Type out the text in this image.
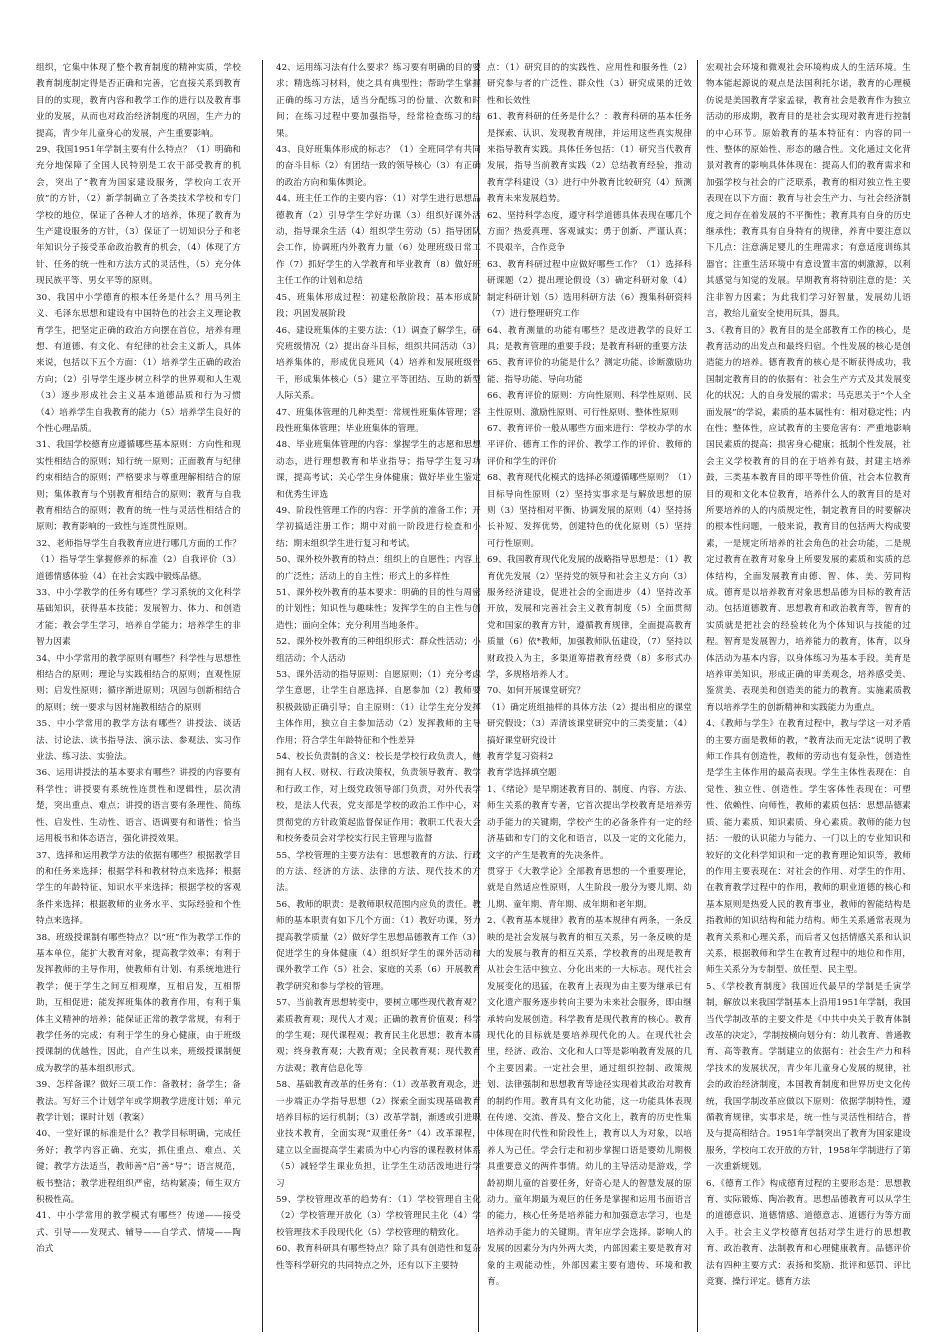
组织，它集中体现了整个教育制度的精神实质，学校教育制度制定得是否正确和完善，它直接关系到教育目的的实现，教育内容和教学工作的进行以及教育事业的发展，从而也对政治经济制度的巩固，生产力的提高，青少年儿童身心的发展，产生重要影响。

29、我国1951年学制主要有什么特点？（1）明确和充分地保障了全国人民特别是工农干部受教育的机会，突出了“教育为国家建设服务，学校向工农开放”的方针，（2）新学制确立了各类技术学校和专门学校的地位，保证了各种人才的培养，体现了教育为生产建设服务的方针，（3）保证了一切知识分子和老年知识分子接受革命政治教育的机会，（4）体现了方针、任务的统一性和方法方式的灵活性，（5）充分体现民族平等、男女平等的原则。

30、我国中小学德育的根本任务是什么？用马列主义、毛泽东思想和建设有中国特色的社会主义理论教育学生，把坚定正确的政治方向摆在首位，培养有理想、有道德、有文化、有纪律的社会主义新人，具体来说，包括以下五个方面：（1）培养学生正确的政治方向；（2）引导学生逐步树立科学的世界观和人生观（3）逐步形成社会主义基本道德品质和行为习惯（4）培养学生自我教育的能力（5）培养学生良好的个性心理品质。

31、我国学校德育应遵循哪些基本原则：方向性和现实性相结合的原则；知行统一原则；正面教育与纪律约束相结合的原则；严格要求与尊重理解相结合的原则；集体教育与个别教育相结合的原则；教育与自我教育相结合的原则；教育的统一性与灵活性相结合的原则；教育影响的一致性与连贯性原则。

32、老师指导学生自我教育应进行哪几方面的工作？（1）指导学生掌握修养的标准（2）自我评价（3）道德情感体验（4）在社会实践中锻炼品德。

33、中小学教学的任务有哪些？学习系统的文化科学基础知识，获得基本技能；发展智力、体力、和创造才能；教会学生学习，培养自学能力；培养学生的非智力因素

34、中小学常用的教学原则有哪些？科学性与思想性相结合的原则；理论与实践相结合的原则；直观性原则；启发性原则；循序渐进原则；巩固与创新相结合的原则；统一要求与因材施教相结合的原则

35、中小学常用的教学方法有哪些？讲授法、谈话法、讨论法、读书指导法、演示法、参观法、实习作业法、练习法、实验法。

36、运用讲授法的基本要求有哪些？讲授的内容要有科学性；讲授要有系统性连贯性和逻辑性，层次清楚，突出重点、难点；讲授的语言要有条理性、简练性、启发性、生动性、语言、语调要有和谐性；恰当运用板书和体态语言，强化讲授效果。

37、选择和运用教学方法的依据有哪些？根据教学目的和任务来选择；根据学科和教材特点来选择；根据学生的年龄特征、知识水平来选择；根据学校的客观条件来选择；根据教师的业务水平、实际经验和个性特点来选择。

38、班级授课制有哪些特点？以“班”作为教学工作的基本单位，能扩大教育对象，提高教学效率；有利于发挥教师的主导作用，使教师有计划、有系统地进行教学；便于学生之间互相观摩，互相启发，互相帮助，互相促进；能发挥班集体的教育作用，有利于集体主义精神的培养；能保证正常的教学常规，有利于教学任务的完成；有利于学生的身心健康，由于班级授课制的优越性，因此，自产生以来，班级授课制便成为教学的基本组织形式。

39、怎样备课？做好三项工作：备教材；备学生；备教法。写好三个计划学年或学期教学进度计划；单元教学计划；课时计划（教案）

40、一堂好课的标准是什么？教学目标明确，完成任务好；教学内容正确、充实，抓住重点、难点、关键；教学方法适当，教师善“启”善“导”；语言规范，板书整洁；教学进程组织严密，结构紧凑；师生双方积极性高。

41、中小学常用的教学模式有哪些？传递——接受式、引导——发现式、辅导——自学式、情境——陶冶式

42、运用练习法有什么要求？练习要有明确的目的要求；精选练习材料，使之具有典型性；帮助学生掌握正确的练习方法，适当分配练习的份量、次数和时间；在练习过程中要加强指导，经常检查练习的结果。

43、良好班集体形成的标志？（1）全班同学有共同的奋斗目标（2）有团结一致的领导核心（3）有正确的政治方向和集体舆论。

44、班主任工作的主要内容：（1）对学生进行思想品德教育（2）引导学生学好功课（3）组织好课外活动，指导课余生活（4）组织学生劳动（5）指导团队会工作，协调班内外教育力量（6）处理班级日常工作（7）抓好学生的入学教育和毕业教育（8）做好班主任工作的计划和总结

45、班集体形成过程：初建松散阶段；基本形成阶段；巩固发展阶段

46、建设班集体的主要方法：（1）调查了解学生，研究班级情况（2）提出奋斗目标，组织共同活动（3）培养集体的，形成优良班风（4）培养和发展班级骨干，形成集体核心（5）建立平等团结、互助的新型人际关系。

47、班集体管理的几种类型：常规性班集体管理；容段性班集体管理；毕业班集体的管理。

48、毕业班集体管理的内容：掌握学生的志愿和思想动态，进行理想教育和毕业指导；指导学生复习功课，提高考试；关心学生身体健康；做好毕业生鉴定和优秀生评选

49、阶段性管理工作的内容：开学前的准备工作；开学初搞适注册工作；期中对前一阶段进行检查和小结；期末组织学生进行复习和考试。

50、课外校外教育的特点：组织上的自愿性；内容上的广泛性；活动上的自主性；形式上的多样性

51、课外校外教育的基本要求：明确的目的性与周密的计划性；知识性与趣味性；发挥学生的自主性与创造性；面向全体；充分利用当地条件。

52、课外校外教育的三种组织形式：群众性活动；小组活动；个人活动

53、课外活动的指导原则：自愿原则；（1）充分考虑学生意愿，让学生自愿选择、自愿参加（2）教师要积极鼓励正确引导；自主原则：（1）让学生充分发挥主体作用，独立自主参加活动（2）发挥教师的主导作用；符合学生年龄特征和个性差异

54、校长负责制的含义：校长是学校行政负责人，他拥有人权、财权、行政决策权，负责领导教育、教学和行政工作，对上级党政领导部门负责，对外代表学校，是法人代表，党支部是学校的政治工作中心，对贯彻党的方针政策起监督保证作用；教职工代表大会和校务委员会对学校实行民主管理与监督

55、学校管理的主要方法有：思想教育的方法、行政的方法、经济的方法、法律的方法、现代技术的方法。

56、教师的职责：是教师职权范围内应负的责任。教师的基本职责有如下几个方面：（1）教好功课，努力提高教学质量（2）做好学生思想品德教育工作（3）促进学生的身体健康（4）组织好学生的课外活动和课外教学工作（5）社会、家庭的关系（6）开展教育教学研究和参与学校的管理。

57、当前教育思想转变中，要树立哪些现代教育观？素质教育观；现代人才观；正确的教育价值观；科学的学生观；现代课程观；教育民主化思想；教育本质观；终身教育观；大教育观；全民教育观；现代教育方法观；教育信息化等

58、基础教育改革的任务有：（1）改革教育观念，进一步端正办学指导思想（2）探索全面实现基础教育培养目标的运行机制；（3）改革学制，渐透或引进职业技术教育，全面实现“双重任务”（4）改革课程，建立以全面提高学生素质为中心内容的课程教材体系（5）减轻学生课业负担，让学生生动活泼地进行学习

59、学校管理改革的趋势有：（1）学校管理自主化（2）学校管理开放化（3）学校管理民主化（4）学校管理技术手段现代化（5）学校管理的精致化。

60、教育科研具有哪些特点？除了具有创造性和复杂性等科学研究的共同特点之外，还有以下主要特

点：（1）研究目的的实践性、应用性和服务性（2）研究参与者的广泛性、群众性（3）研究成果的迁效性和长效性

61、教育科研的任务是什么？：教育科研的基本任务是探索、认识、发现教育规律，并运用这些真实规律来指导教育实践。具体任务包括：（1）研究当代教育发展，指导当前教育实践（2）总结教育经验，推动教育学科建设（3）进行中外教育比较研究（4）预测教育未来发展趋势。

62、坚持科学态度，遵守科学道德具体表现在哪几个方面？热爱真理、客观诚实；勇于创新、严谨认真；不畏艰辛，合作竞争

63、教育科研过程中应做好哪些工作？（1）选择科研课题（2）提出理论假设（3）确定科研对象（4）制定科研计划（5）选用科研方法（6）搜集科研资料（7）进行整理研究工作

64、教育测量的功能有哪些？是改进教学的良好工具；是教育管理的重要手段；是教育科研的重要方法

65、教育评价的功能是什么？测定功能、诊断激励功能、指导功能、导向功能

66、教育评价的原则：方向性原则、科学性原则、民主性原则、激励性原则、可行性原则、整体性原则

67、教育评价一般从哪些方面来进行：学校办学的水平评价、德育工作的评价、教学工作的评价、教师的评价和学生的评价

68、教育现代化模式的选择必须遵循哪些原则？（1）目标导向性原则（2）坚持实事求是与解放思想的原则（3）坚持相对平衡、协调发展的原则（4）坚持扬长补短、发挥优势，创建特色的优化原则（5）坚持可行性原则。

69、我国教育现代化发展的战略指导思想是：（1）教育优先发展（2）坚持党的领导和社会主义方向（3）服务经济建设，促进社会的全面进步（4）坚持改革开放，发展和完善社会主义教育制度（5）全面贯彻党和国家的教育方针，遵循教育规律，全面提高教育质量（6）依*教师，加强教师队伍建设，（7）坚持以财政投入为主，多渠道筹措教育经费（8）多形式办学，多规格培养人才。

70、如何开展课堂研究？

（1）确定班组抽样的具体方法（2）提出相应的课堂研究假设；（3）弄清该课堂研究中的三类变量；（4）搞好课堂研究设计

教育学复习资料2

教育学选择填空题

1、《绪论》是早期述教育目的、制度、内容、方法、师生关系的教育专著，它首次提出学校教育是培养劳动手能力的关键期，学校产生的必备条件有一定的经济基础和专门的文化和语言，以及一定的文化能力，文字的产生是教育的先决条件。

贯穿于《大教学论》全部教育思想的一个重要理论，就是自然适应性原则，人生阶段一般分为婴儿期、幼儿期、童年期、青年期、成年期和老年期。

2、《教育基本规律》教育的基本规律有两条，一条反映的是社会发展与教育的相互关系，另一条反映的是大的发展与教育的相互关系，学校教育的出现是教育从社会生活中独立、分化出来的一大标志。现代社会发展变化的迅猛，在教育上表现为由主要为继承已有文化遗产服务逐步转向主要为未来社会服务，即由继承转向发展创造。科学教育是现代教育的核心。教育现代化的目标就是要培养现代化的人。在现代社会里，经济、政治、文化和人口等是影响教育发展的几个主要因素。一定社会里，通过组织控制、政策规划、法律强制和思想教育等途径实现着其政治对教育的制约作用。教育具有文化功能，这一功能具体表现在传递、交流、普及、整合文化上，教育的历史性集中体现在时代性和阶段性上，教育以人为对象，以培养人为己任。学会行走和初步掌握口语是婴幼儿期极具重要意义的两件事情。幼儿的主导活动是游戏，学龄初期儿童的首要任务，好奇心是人的智慧发展的原动力。童年期最为观巨的任务是掌握和运用书面语言的能力，核心任务是培养能力和加强意志学习，也是培养动手能力的关键期。青年应学会选择。影响人的发展的因素分为内外两大类，内部因素主要是教育对象的主观能动性，外部因素主要有遗传、环境和教育。

宏观社会环境和微观社会环境构成人的生活环境。生物本能起源说的观点是法国利托尔诺，教育的心理模仿说是美国教育学家孟禄，教育社会是教育作为独立活动的形成期，教育目的是社会实现对教育进行控制的中心环节。原始教育的基本特征有：内容的同一性、整体的原始性、形态的融合性。文化通过文化背景对教育的影响具体体现在：提高人们的教育需求和加强学校与社会的广泛联系，教育的相对独立性主要表现在以下方面：教育与社会生产力、与社会经济制度之间存在着发展的不平衡性；教育具有自身的历史继承性；教育具有自身特有的规律，养育中要注意以下几点：注意满足婴儿的生理需求；有意适度训练其器官；注重生活环境中有意设置丰富的刺激源，以利其感觉与知觉的发展。早期教育将特别注意的是：关注非智力因素；为此我们学习好智量，发展幼儿语言，教给儿童安全使用玩具，器具。

3、《教育目的》教育目的是全部教育工作的核心，是教育活动的出发点和最终归宿。个性发展的核心是创造能力的培养。德育教育的核心是不断获得成功，我国制定教育目的的依据有：社会生产方式及其发展变化的状况；人的自身发展的需求；马克思关于“个人全面发展”的学说，素质的基本属性有：相对稳定性；内在性；整体性，应试教育的主要危害有：严重地影响国民素质的提高；损害身心健康；抵制个性发展，社会主义学校教育的目的在于培养有鼓，封建主培养鼓，三类基本教育目的即平等性价值，社会本位教育目的观和文化本位教育，培养什么人的教育目的是对所要培养的人的内质规定性，制定教育目的时要解决的根本性问题，一般来说，教育目的包括两大构成要素，一是规定所培养的社会角色的社会功能，二是规定过教育在教育对象身上所要发展的素质和实质的总体结构，全面发展教育由德、智、体、美、劳同构成。德育是以培养教育对象思想品德为目标的教育活动。包括道德教育、思想教育和政治教育等，智育的实质就是把社会的经验转化为个体知识与技能的过程。智育是发展智力，培养能力的教育，体育，以身体活动为基本内容，以身体练习为基本手段。美育是培养审美知识，形成正确的审美观念，培养感受美、鉴赏美、表现美和创造美的能力的教育。实施素质教育以培养学生的创新精神和实践能力为重点。

4、《教师与学生》在教育过程中，教与学这一对矛盾的主要方面是教师的教，“教育法而无定法”说明了教师工作具有创造性，教师的劳动也有复杂性，创造性是学生主体作用的最高表现。学生主体性表现在：自觉性、独立性、创造性。学生客体性表现在：可塑性、依赖性、向师性，教师的素质包括：思想品德素质、能力素质、知识素质、身心素质。教师的能力包括：一般的认识能力与能力、一门以上的专业知识和较好的文化科学知识和一定的教育理论知识等，教师的作用主要表现在：对社会的作用、对学生的作用、在教育教学过程中的作用，教师的职业道德的核心和基本原则是热爱人民的教育事业，教师的智能结构是指教师的知识结构和能力结构。师生关系通常表现为教育关系和心理关系，而后者又包括情感关系和认识关系，根据教师和学生在教育过程中的地位和作用，师生关系分为专制型、放任型、民主型。

5、《学校教育制度》我国近代最早的学制是壬寅学制，解放以来我国学制基本上沿用1951年学制，我国当代学制改革的主要文件是《中共中央关于教育体制改革的决定》，学制按横向划分有：幼儿教育、普通教育、高等教育。学制建立的依据有：社会生产力和科学技术的发展状况，青少年儿童身心发展的规律，社会的政治经济制度，本国教育制度和世界历史文化传统，我国学制改革应做以下原则：依据学制特性，遵循教育规律，实事求是，统一性与灵活性相结合，普及与提高相结合。1951年学制突出了教育为国家建设服务，学校向工农开放的方针，1958年学制进行了第一次重新规划。

6、《德育工作》构成德育过程的主要形态是：思想教育、实际锻炼、陶冶教育。思想品德教育可以从学生的道德意识、道德情感、道德意志、道德行为等方面入手。社会主义学校德育包括对学生进行的思想教育、政治教育、法制教育和心理健康教育。品德评价法有四种主要方式：表扬和奖励、批评和惩罚、评比竞赛、操行评定。德育方法
